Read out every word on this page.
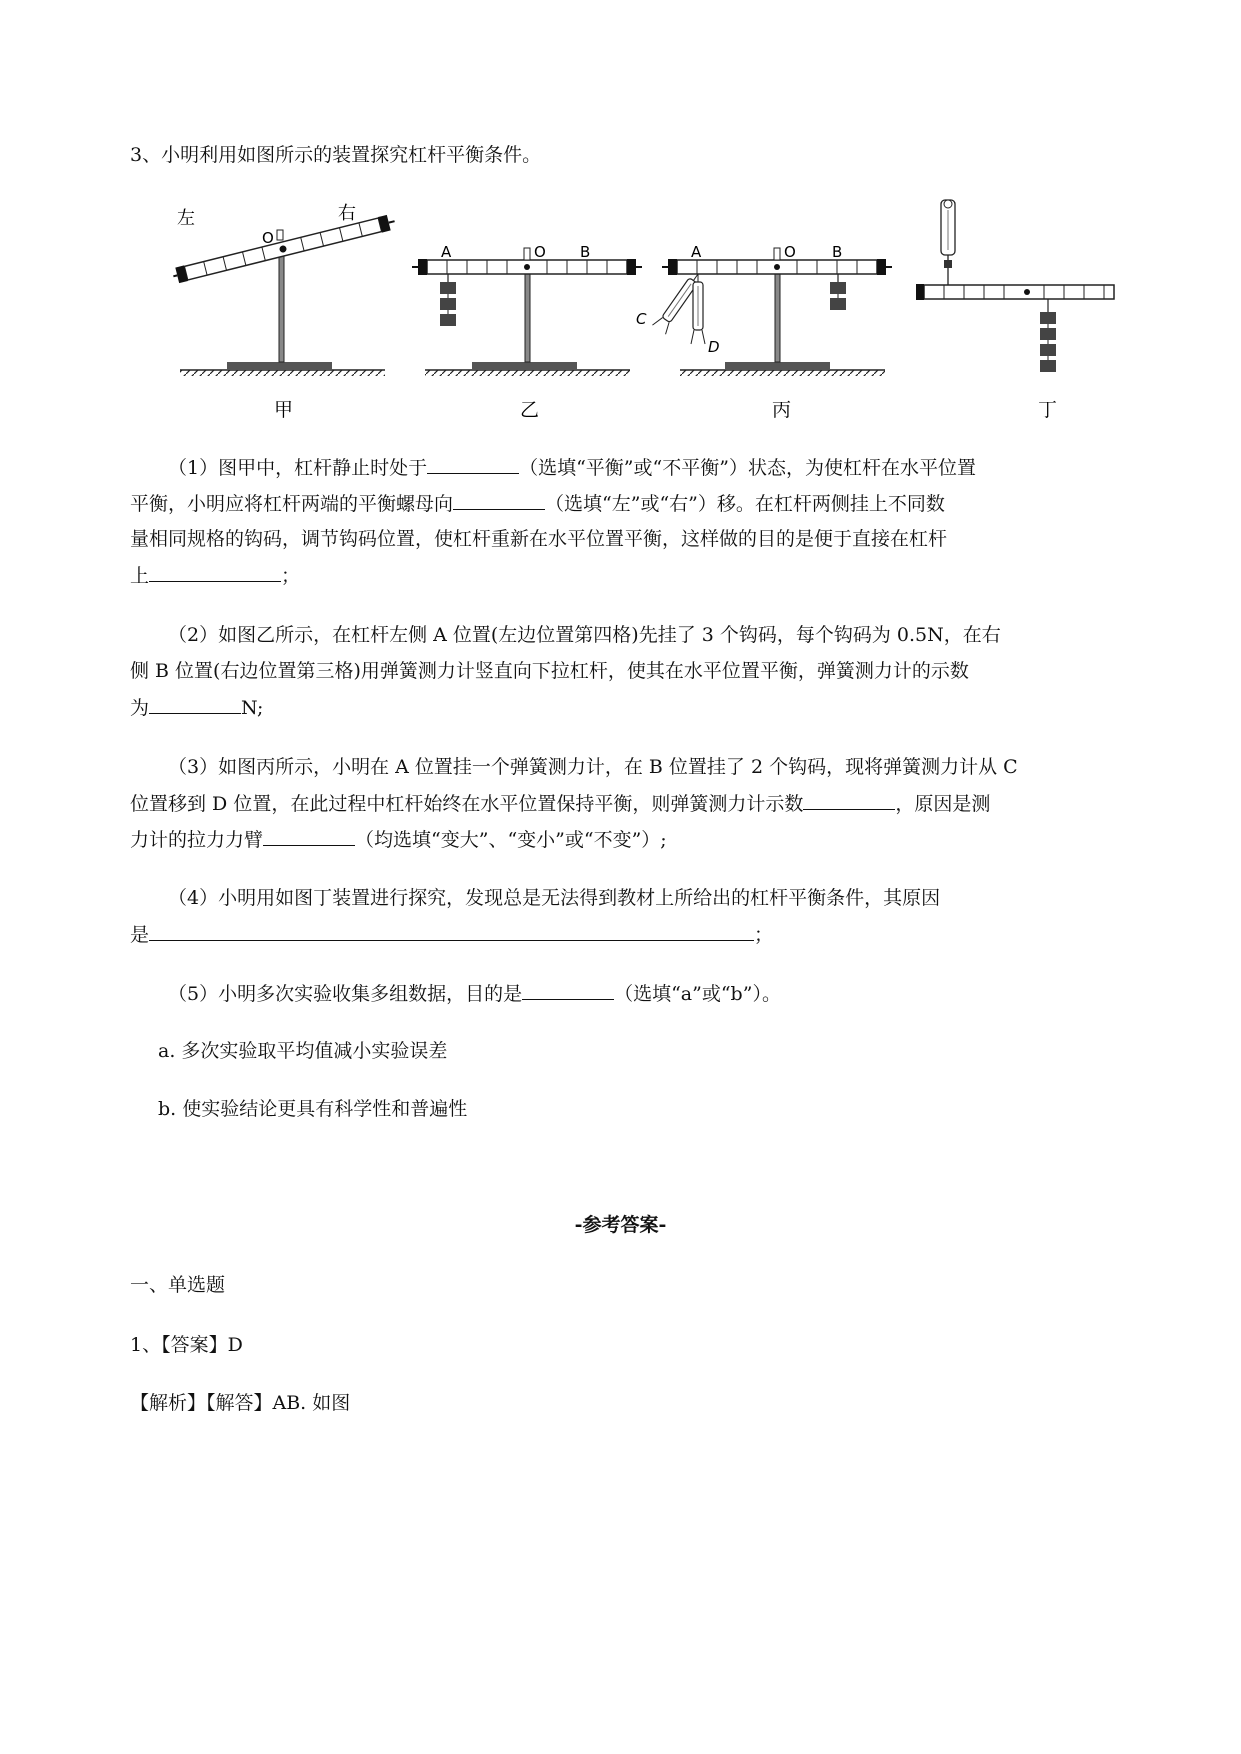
3、小明利用如图所示的装置探究杠杆平衡条件。
左	右
O
甲
A	O B
乙
A	O B
C
D
丙	丁
（1）图甲中，杠杆静止时处于	（选填“平衡”或“不平衡”）状态，为使杠杆在水平位置
平衡，小明应将杠杆两端的平衡螺母向	（选填“左”或“右”）移。在杠杆两侧挂上不同数
量相同规格的钩码，调节钩码位置，使杠杆重新在水平位置平衡，这样做的目的是便于直接在杠杆
上	；
（2）如图乙所示，在杠杆左侧 A 位置(左边位置第四格)先挂了 3 个钩码，每个钩码为 0.5N，在右
侧 B 位置(右边位置第三格)用弹簧测力计竖直向下拉杠杆，使其在水平位置平衡，弹簧测力计的示数
为	N;
（3）如图丙所示，小明在 A 位置挂一个弹簧测力计，在 B 位置挂了 2 个钩码，现将弹簧测力计从 C
位置移到 D 位置，在此过程中杠杆始终在水平位置保持平衡，则弹簧测力计示数	，原因是测
力计的拉力力臂	（均选填“变大”、“变小”或“不变”）;
（4）小明用如图丁装置进行探究，发现总是无法得到教材上所给出的杠杆平衡条件，其原因
是	；
（5）小明多次实验收集多组数据，目的是	（选填“a”或“b”）。
a. 多次实验取平均值减小实验误差
b. 使实验结论更具有科学性和普遍性
-参考答案-
一、单选题
1、【答案】D
【解析】【解答】AB. 如图
